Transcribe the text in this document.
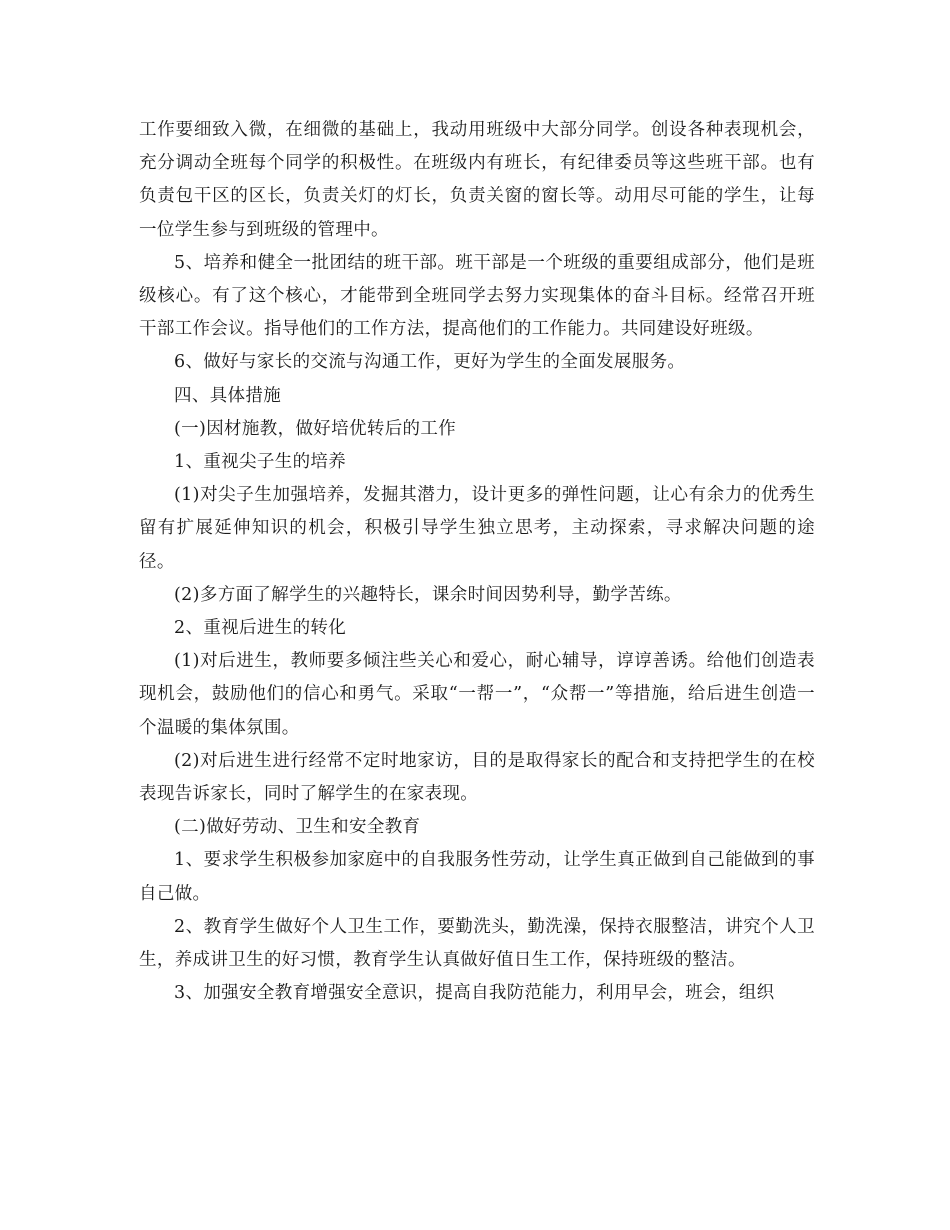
工作要细致入微，在细微的基础上，我动用班级中大部分同学。创设各种表现机会，充分调动全班每个同学的积极性。在班级内有班长，有纪律委员等这些班干部。也有负责包干区的区长，负责关灯的灯长，负责关窗的窗长等。动用尽可能的学生，让每一位学生参与到班级的管理中。

5、培养和健全一批团结的班干部。班干部是一个班级的重要组成部分，他们是班级核心。有了这个核心，才能带到全班同学去努力实现集体的奋斗目标。经常召开班干部工作会议。指导他们的工作方法，提高他们的工作能力。共同建设好班级。

6、做好与家长的交流与沟通工作，更好为学生的全面发展服务。

四、具体措施

(一)因材施教，做好培优转后的工作

1、重视尖子生的培养

(1)对尖子生加强培养，发掘其潜力，设计更多的弹性问题，让心有余力的优秀生留有扩展延伸知识的机会，积极引导学生独立思考，主动探索，寻求解决问题的途径。

(2)多方面了解学生的兴趣特长，课余时间因势利导，勤学苦练。

2、重视后进生的转化

(1)对后进生，教师要多倾注些关心和爱心，耐心辅导，谆谆善诱。给他们创造表现机会，鼓励他们的信心和勇气。采取“一帮一”，“众帮一”等措施，给后进生创造一个温暖的集体氛围。

(2)对后进生进行经常不定时地家访，目的是取得家长的配合和支持把学生的在校表现告诉家长，同时了解学生的在家表现。

(二)做好劳动、卫生和安全教育

1、要求学生积极参加家庭中的自我服务性劳动，让学生真正做到自己能做到的事自己做。

2、教育学生做好个人卫生工作，要勤洗头，勤洗澡，保持衣服整洁，讲究个人卫生，养成讲卫生的好习惯，教育学生认真做好值日生工作，保持班级的整洁。

3、加强安全教育增强安全意识，提高自我防范能力，利用早会，班会，组织
